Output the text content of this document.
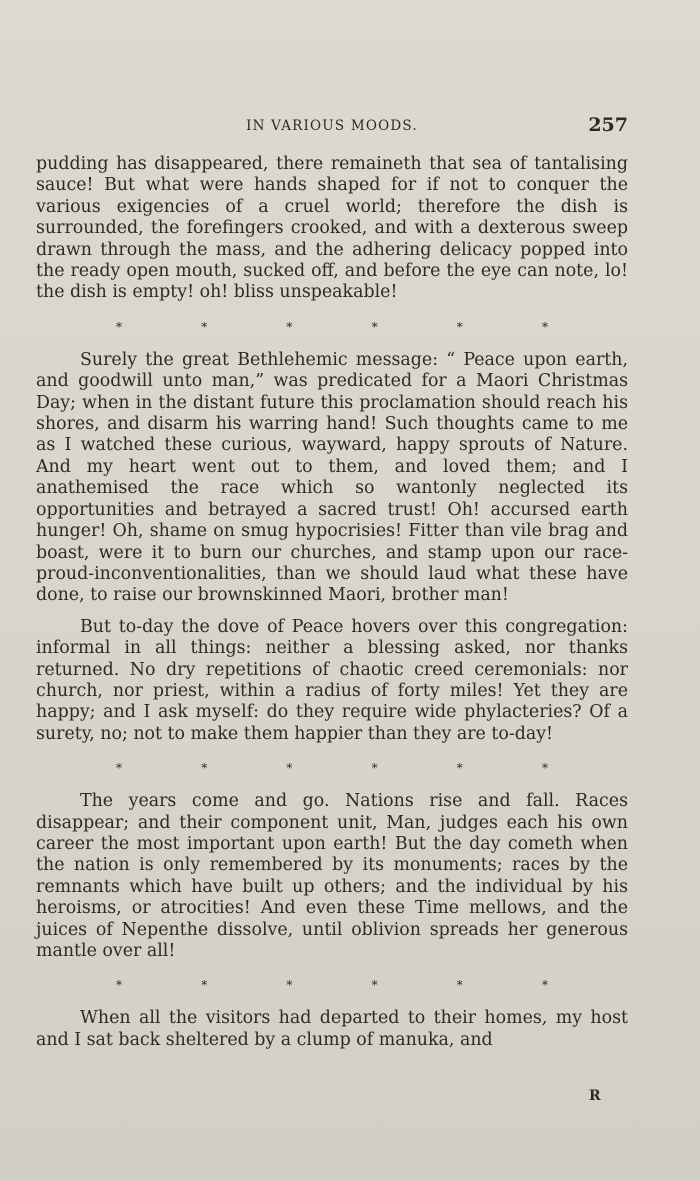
IN VARIOUS MOODS.	257

pudding has disappeared, there remaineth that sea of tantalising sauce! But what were hands shaped for if not to conquer the various exigencies of a cruel world; therefore the dish is surrounded, the forefingers crooked, and with a dexterous sweep drawn through the mass, and the adhering delicacy popped into the ready open mouth, sucked off, and before the eye can note, lo! the dish is empty! oh! bliss unspeakable!

*	*	*	*	*	*

Surely the great Bethlehemic message: “ Peace upon earth, and goodwill unto man,” was predicated for a Maori Christmas Day; when in the distant future this proclamation should reach his shores, and disarm his warring hand! Such thoughts came to me as I watched these curious, wayward, happy sprouts of Nature. And my heart went out to them, and loved them; and I anathemised the race which so wantonly neglected its opportunities and betrayed a sacred trust! Oh! accursed earth hunger! Oh, shame on smug hypocrisies! Fitter than vile brag and boast, were it to burn our churches, and stamp upon our race-proud-inconventionalities, than we should laud what these have done, to raise our brownskinned Maori, brother man!

But to-day the dove of Peace hovers over this congregation: informal in all things: neither a blessing asked, nor thanks returned. No dry repetitions of chaotic creed ceremonials: nor church, nor priest, within a radius of forty miles! Yet they are happy; and I ask myself: do they require wide phylacteries? Of a surety, no; not to make them happier than they are to-day!

*	*	*	*	*	*

The years come and go. Nations rise and fall. Races disappear; and their component unit, Man, judges each his own career the most important upon earth! But the day cometh when the nation is only remembered by its monuments; races by the remnants which have built up others; and the individual by his heroisms, or atrocities! And even these Time mellows, and the juices of Nepenthe dissolve, until oblivion spreads her generous mantle over all!

*	*	*	*	*	*

When all the visitors had departed to their homes, my host and I sat back sheltered by a clump of manuka, and

R
